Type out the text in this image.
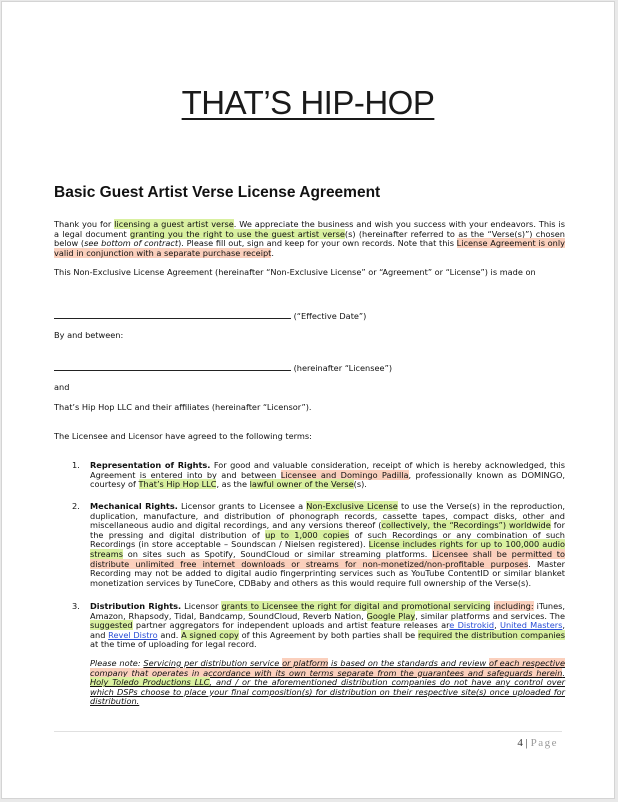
THAT’S HIP-HOP
Basic Guest Artist Verse License Agreement
Thank you for licensing a guest artist verse. We appreciate the business and wish you success with your endeavors. This is a legal document granting you the right to use the guest artist verse(s) (hereinafter referred to as the “Verse(s)”) chosen below (see bottom of contract). Please fill out, sign and keep for your own records. Note that this License Agreement is only valid in conjunction with a separate purchase receipt.
This Non-Exclusive License Agreement (hereinafter “Non-Exclusive License” or “Agreement” or “License”) is made on
(“Effective Date”)
By and between:
(hereinafter “Licensee”)
and
That’s Hip Hop LLC and their affiliates (hereinafter “Licensor”).
The Licensee and Licensor have agreed to the following terms:
1. Representation of Rights. For good and valuable consideration, receipt of which is hereby acknowledged, this Agreement is entered into by and between Licensee and Domingo Padilla, professionally known as DOMINGO, courtesy of That’s Hip Hop LLC, as the lawful owner of the Verse(s).
2. Mechanical Rights. Licensor grants to Licensee a Non-Exclusive License to use the Verse(s) in the reproduction, duplication, manufacture, and distribution of phonograph records, cassette tapes, compact disks, other and miscellaneous audio and digital recordings, and any versions thereof (collectively, the “Recordings”) worldwide for the pressing and digital distribution of up to 1,000 copies of such Recordings or any combination of such Recordings (in store acceptable – Soundscan / Nielsen registered). License includes rights for up to 100,000 audio streams on sites such as Spotify, SoundCloud or similar streaming platforms. Licensee shall be permitted to distribute unlimited free internet downloads or streams for non-monetized/non-profitable purposes. Master Recording may not be added to digital audio fingerprinting services such as YouTube ContentID or similar blanket monetization services by TuneCore, CDBaby and others as this would require full ownership of the Verse(s).
3. Distribution Rights. Licensor grants to Licensee the right for digital and promotional servicing including: iTunes, Amazon, Rhapsody, Tidal, Bandcamp, SoundCloud, Reverb Nation, Google Play, similar platforms and services. The suggested partner aggregators for independent uploads and artist feature releases are Distrokid, United Masters, and Revel Distro and. A signed copy of this Agreement by both parties shall be required the distribution companies at the time of uploading for legal record.
Please note: Servicing per distribution service or platform is based on the standards and review of each respective company that operates in accordance with its own terms separate from the guarantees and safeguards herein. Holy Toledo Productions LLC, and / or the aforementioned distribution companies do not have any control over which DSPs choose to place your final composition(s) for distribution on their respective site(s) once uploaded for distribution.
4 | Page
